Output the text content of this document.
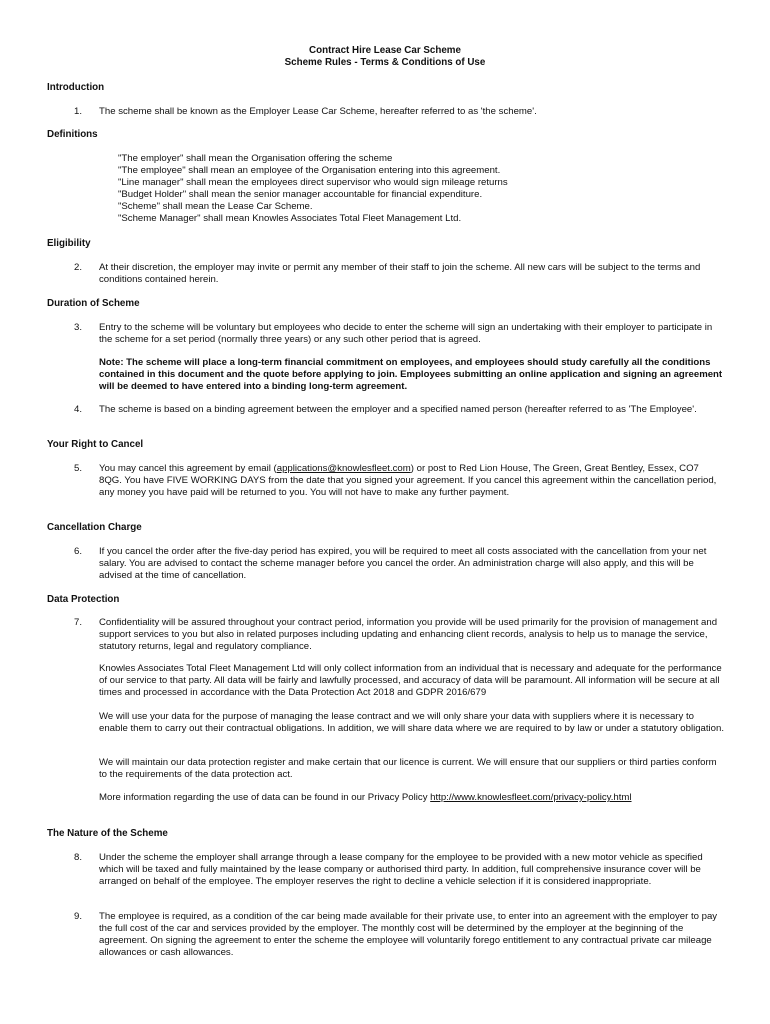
Contract Hire Lease Car Scheme
Scheme Rules - Terms & Conditions of Use
Introduction
1. The scheme shall be known as the Employer Lease Car Scheme, hereafter referred to as 'the scheme'.
Definitions
"The employer" shall mean the Organisation offering the scheme
"The employee" shall mean an employee of the Organisation entering into this agreement.
"Line manager" shall mean the employees direct supervisor who would sign mileage returns
"Budget Holder" shall mean the senior manager accountable for financial expenditure.
"Scheme" shall mean the Lease Car Scheme.
"Scheme Manager" shall mean Knowles Associates Total Fleet Management Ltd.
Eligibility
2. At their discretion, the employer may invite or permit any member of their staff to join the scheme. All new cars will be subject to the terms and conditions contained herein.
Duration of Scheme
3. Entry to the scheme will be voluntary but employees who decide to enter the scheme will sign an undertaking with their employer to participate in the scheme for a set period (normally three years) or any such other period that is agreed.
Note: The scheme will place a long-term financial commitment on employees, and employees should study carefully all the conditions contained in this document and the quote before applying to join. Employees submitting an online application and signing an agreement will be deemed to have entered into a binding long-term agreement.
4. The scheme is based on a binding agreement between the employer and a specified named person (hereafter referred to as 'The Employee'.
Your Right to Cancel
5. You may cancel this agreement by email (applications@knowlesfleet.com) or post to Red Lion House, The Green, Great Bentley, Essex, CO7 8QG. You have FIVE WORKING DAYS from the date that you signed your agreement. If you cancel this agreement within the cancellation period, any money you have paid will be returned to you. You will not have to make any further payment.
Cancellation Charge
6. If you cancel the order after the five-day period has expired, you will be required to meet all costs associated with the cancellation from your net salary. You are advised to contact the scheme manager before you cancel the order. An administration charge will also apply, and this will be advised at the time of cancellation.
Data Protection
7. Confidentiality will be assured throughout your contract period, information you provide will be used primarily for the provision of management and support services to you but also in related purposes including updating and enhancing client records, analysis to help us to manage the service, statutory returns, legal and regulatory compliance.
Knowles Associates Total Fleet Management Ltd will only collect information from an individual that is necessary and adequate for the performance of our service to that party. All data will be fairly and lawfully processed, and accuracy of data will be paramount. All information will be secure at all times and processed in accordance with the Data Protection Act 2018 and GDPR 2016/679
We will use your data for the purpose of managing the lease contract and we will only share your data with suppliers where it is necessary to enable them to carry out their contractual obligations. In addition, we will share data where we are required to by law or under a statutory obligation.
We will maintain our data protection register and make certain that our licence is current. We will ensure that our suppliers or third parties conform to the requirements of the data protection act.
More information regarding the use of data can be found in our Privacy Policy http://www.knowlesfleet.com/privacy-policy.html
The Nature of the Scheme
8. Under the scheme the employer shall arrange through a lease company for the employee to be provided with a new motor vehicle as specified which will be taxed and fully maintained by the lease company or authorised third party. In addition, full comprehensive insurance cover will be arranged on behalf of the employee. The employer reserves the right to decline a vehicle selection if it is considered inappropriate.
9. The employee is required, as a condition of the car being made available for their private use, to enter into an agreement with the employer to pay the full cost of the car and services provided by the employer. The monthly cost will be determined by the employer at the beginning of the agreement. On signing the agreement to enter the scheme the employee will voluntarily forego entitlement to any contractual private car mileage allowances or cash allowances.
